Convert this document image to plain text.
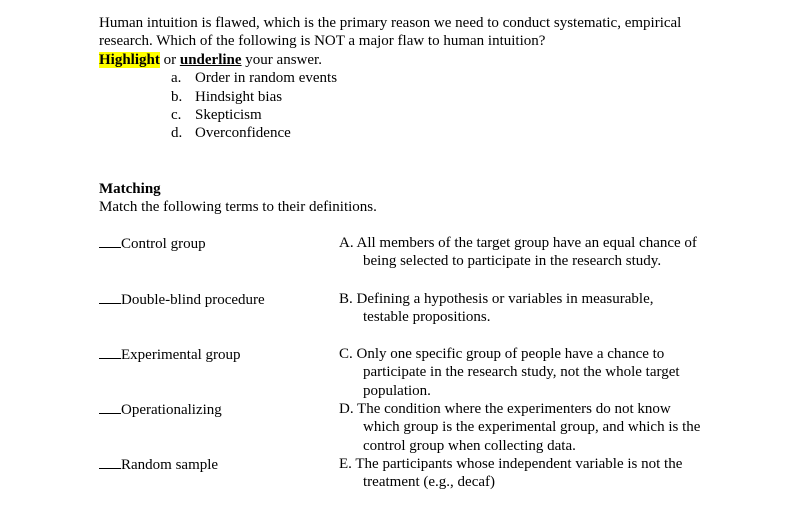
Human intuition is flawed, which is the primary reason we need to conduct systematic, empirical
research. Which of the following is NOT a major flaw to human intuition?
Highlight or underline your answer.
a. Order in random events
b. Hindsight bias
c. Skepticism
d. Overconfidence
Matching
Match the following terms to their definitions.
Control group
Double-blind procedure
Experimental group
Operationalizing
Random sample
A. All members of the target group have an equal chance of
being selected to participate in the research study.
B. Defining a hypothesis or variables in measurable,
testable propositions.
C. Only one specific group of people have a chance to
participate in the research study, not the whole target
population.
D. The condition where the experimenters do not know
which group is the experimental group, and which is the
control group when collecting data.
E. The participants whose independent variable is not the
treatment (e.g., decaf)
